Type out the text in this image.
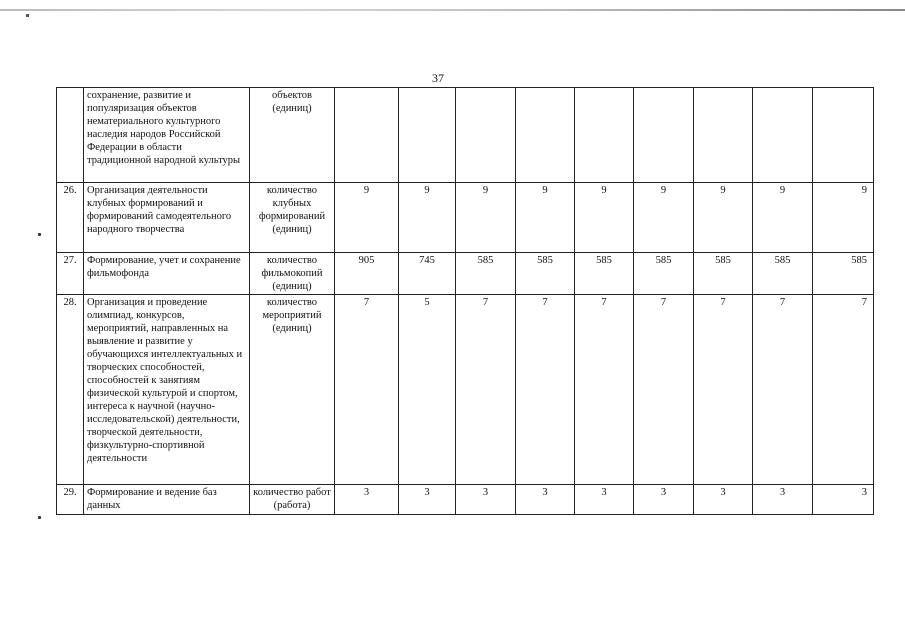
37
	сохранение, развитие и популяризация объектов нематериального культурного наследия народов Российской Федерации в области традиционной народной культуры	объектов (единиц)									
26.	Организация деятельности клубных формирований и формирований самодеятельного народного творчества	количество клубных формирований (единиц)	9	9	9	9	9	9	9	9	9
27.	Формирование, учет и сохранение фильмофонда	количество фильмокопий (единиц)	905	745	585	585	585	585	585	585	585
28.	Организация и проведение олимпиад, конкурсов, мероприятий, направленных на выявление и развитие у обучающихся интеллектуальных и творческих способностей, способностей к занятиям физической культурой и спортом, интереса к научной (научно-исследовательской) деятельности, творческой деятельности, физкультурно-спортивной деятельности	количество мероприятий (единиц)	7	5	7	7	7	7	7	7	7
29.	Формирование и ведение баз данных	количество работ (работа)	3	3	3	3	3	3	3	3	3
